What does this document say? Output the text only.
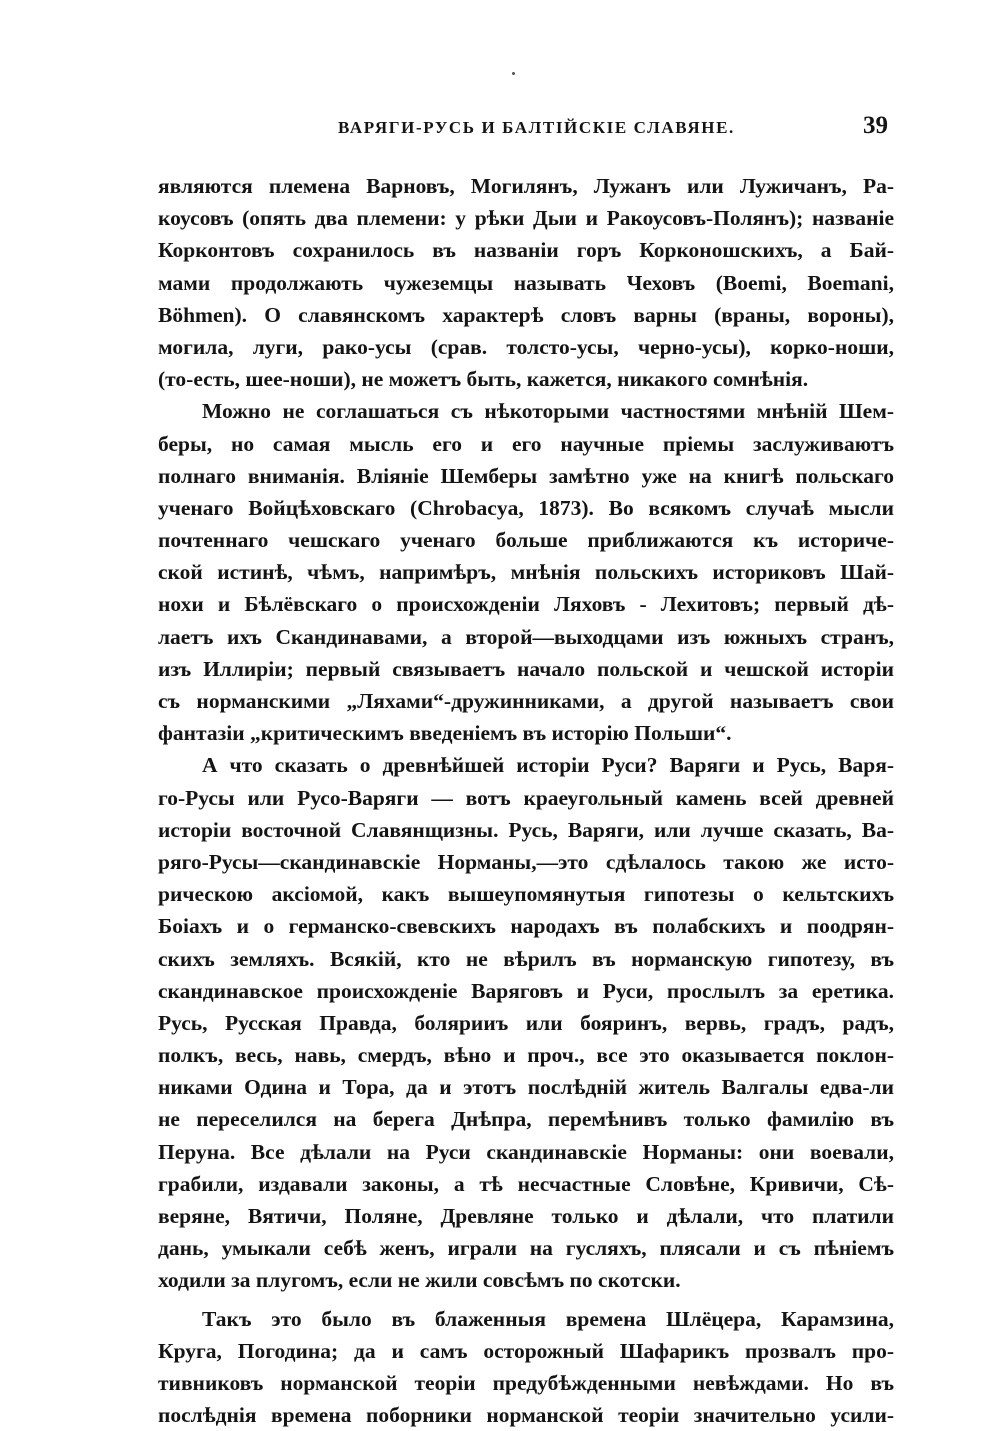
ВАРЯГИ-РУСЬ И БАЛТІЙСКІЕ СЛАВЯНЕ.	39
являются племена Варновъ, Могилянъ, Лужанъ или Лужичанъ, Ра-
коусовъ (опять два племени: у рѣки Дыи и Ракоусовъ-Полянъ); названіе
Корконтовъ сохранилось въ названіи горъ Корконошскихъ, а Бай-
мами продолжають чужеземцы называть Чеховъ (Boemi, Boemani,
Böhmen). О славянскомъ характерѣ словъ варны (враны, вороны),
могила, луги, рако-усы (срав. толсто-усы, черно-усы), корко-ноши,
(то-есть, шее-ноши), не можетъ быть, кажется, никакого сомнѣнія.
Можно не соглашаться съ нѣкоторыми частностями мнѣній Шем-
беры, но самая мысль его и его научные пріемы заслуживаютъ
полнаго вниманія. Вліяніе Шемберы замѣтно уже на книгѣ польскаго
ученаго Войцѣховскаго (Chrobacya, 1873). Во всякомъ случаѣ мысли
почтеннаго чешскаго ученаго больше приближаются къ историче-
ской истинѣ, чѣмъ, напримѣръ, мнѣнія польскихъ историковъ Шай-
нохи и Бѣлёвскаго о происхожденіи Ляховъ - Лехитовъ; первый дѣ-
лаетъ ихъ Скандинавами, а второй—выходцами изъ южныхъ странъ,
изъ Иллиріи; первый связываетъ начало польской и чешской исторіи
съ норманскими „Ляхами“-дружинниками, а другой называетъ свои
фантазіи „критическимъ введеніемъ въ исторію Польши“.
А что сказать о древнѣйшей исторіи Руси? Варяги и Русь, Варя-
го-Русы или Русо-Варяги — вотъ краеугольный камень всей древней
исторіи восточной Славянщизны. Русь, Варяги, или лучше сказать, Ва-
ряго-Русы—скандинавскіе Норманы,—это сдѣлалось такою же исто-
рическою аксіомой, какъ вышеупомянутыя гипотезы о кельтскихъ
Боіахъ и о германско-свевскихъ народахъ въ полабскихъ и поодрян-
скихъ земляхъ. Всякій, кто не вѣрилъ въ норманскую гипотезу, въ
скандинавское происхожденіе Варяговъ и Руси, прослылъ за еретика.
Русь, Русская Правда, болярииъ или бояринъ, вервь, градъ, радъ,
полкъ, весь, навь, смердъ, вѣно и проч., все это оказывается поклон-
никами Одина и Тора, да и этотъ послѣдній житель Валгалы едва-ли
не переселился на берега Днѣпра, перемѣнивъ только фамилію въ
Перуна. Все дѣлали на Руси скандинавскіе Норманы: они воевали,
грабили, издавали законы, а тѣ несчастные Словѣне, Кривичи, Сѣ-
веряне, Вятичи, Поляне, Древляне только и дѣлали, что платили
дань, умыкали себѣ женъ, играли на гусляхъ, плясали и съ пѣніемъ
ходили за плугомъ, если не жили совсѣмъ по скотски.
Такъ это было въ блаженныя времена Шлёцера, Карамзина,
Круга, Погодина; да и самъ осторожный Шафарикъ прозвалъ про-
тивниковъ норманской теоріи предубѣжденными невѣждами. Но въ
послѣднія времена поборники норманской теоріи значительно усили-
